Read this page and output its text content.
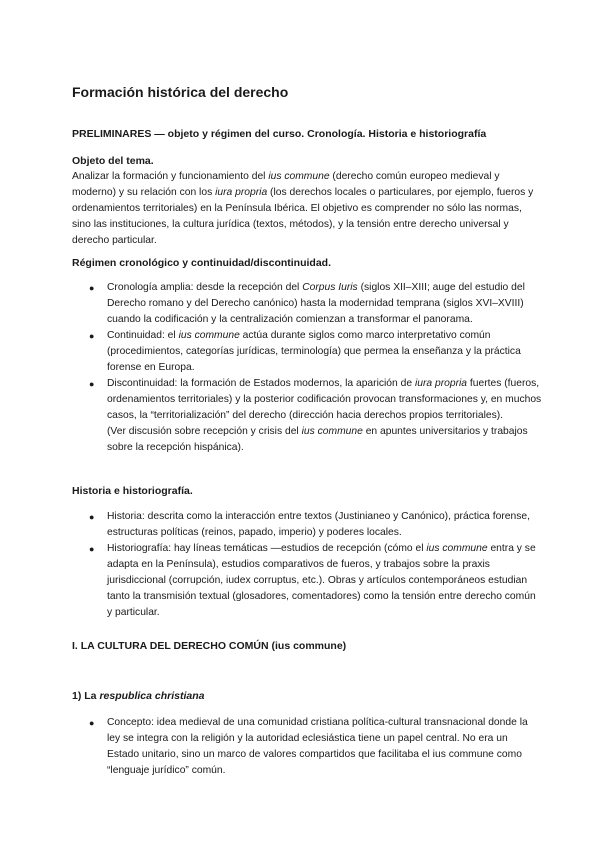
Formación histórica del derecho

PRELIMINARES — objeto y régimen del curso. Cronología. Historia e historiografía

Objeto del tema.

Analizar la formación y funcionamiento del ius commune (derecho común europeo medieval y moderno) y su relación con los iura propria (los derechos locales o particulares, por ejemplo, fueros y ordenamientos territoriales) en la Península Ibérica. El objetivo es comprender no sólo las normas, sino las instituciones, la cultura jurídica (textos, métodos), y la tensión entre derecho universal y derecho particular.

Régimen cronológico y continuidad/discontinuidad.

● Cronología amplia: desde la recepción del Corpus Iuris (siglos XII–XIII; auge del estudio del Derecho romano y del Derecho canónico) hasta la modernidad temprana (siglos XVI–XVIII) cuando la codificación y la centralización comienzan a transformar el panorama.
● Continuidad: el ius commune actúa durante siglos como marco interpretativo común (procedimientos, categorías jurídicas, terminología) que permea la enseñanza y la práctica forense en Europa.
● Discontinuidad: la formación de Estados modernos, la aparición de iura propria fuertes (fueros, ordenamientos territoriales) y la posterior codificación provocan transformaciones y, en muchos casos, la “territorialización” del derecho (dirección hacia derechos propios territoriales).
(Ver discusión sobre recepción y crisis del ius commune en apuntes universitarios y trabajos sobre la recepción hispánica).

Historia e historiografía.

● Historia: descrita como la interacción entre textos (Justinianeo y Canónico), práctica forense, estructuras políticas (reinos, papado, imperio) y poderes locales.
● Historiografía: hay líneas temáticas —estudios de recepción (cómo el ius commune entra y se adapta en la Península), estudios comparativos de fueros, y trabajos sobre la praxis jurisdiccional (corrupción, iudex corruptus, etc.). Obras y artículos contemporáneos estudian tanto la transmisión textual (glosadores, comentadores) como la tensión entre derecho común y particular.

I. LA CULTURA DEL DERECHO COMÚN (ius commune)

1) La respublica christiana

● Concepto: idea medieval de una comunidad cristiana política-cultural transnacional donde la ley se integra con la religión y la autoridad eclesiástica tiene un papel central. No era un Estado unitario, sino un marco de valores compartidos que facilitaba el ius commune como “lenguaje jurídico” común.
